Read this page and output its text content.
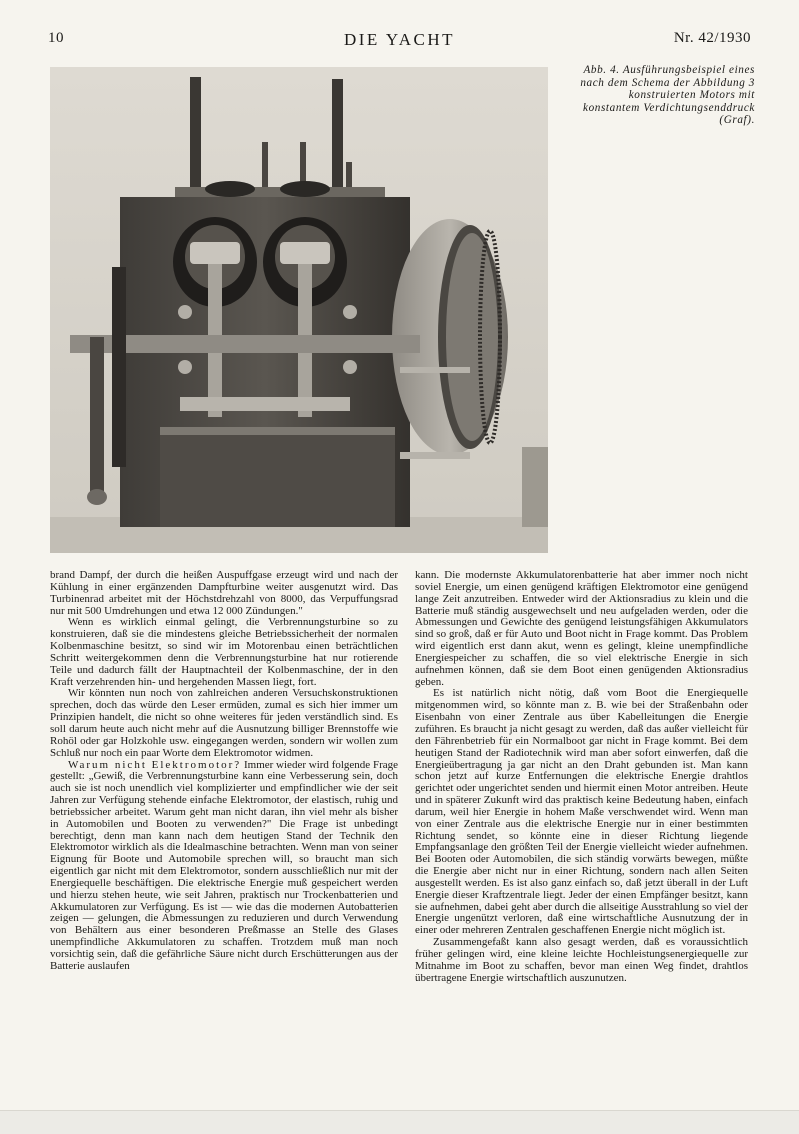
10	DIE YACHT	Nr. 42/1930
Abb. 4. Ausführungsbeispiel eines nach dem Schema der Abbildung 3 konstruierten Motors mit konstantem Verdichtungsenddruck (Graf).

brand Dampf, der durch die heißen Auspuffgase erzeugt wird und nach der Kühlung in einer ergänzenden Dampfturbine weiter ausgenutzt wird. Das Turbinenrad arbeitet mit der Höchstdrehzahl von 8000, das Verpuffungsrad nur mit 500 Umdrehungen und etwa 12 000 Zündungen."

Wenn es wirklich einmal gelingt, die Verbrennungsturbine so zu konstruieren, daß sie die mindestens gleiche Betriebssicherheit der normalen Kolbenmaschine besitzt, so sind wir im Motorenbau einen beträchtlichen Schritt weitergekommen denn die Verbrennungsturbine hat nur rotierende Teile und dadurch fällt der Hauptnachteil der Kolbenmaschine, der in den Kraft verzehrenden hin- und hergehenden Massen liegt, fort.

Wir könnten nun noch von zahlreichen anderen Versuchskonstruktionen sprechen, doch das würde den Leser ermüden, zumal es sich hier immer um Prinzipien handelt, die nicht so ohne weiteres für jeden verständlich sind. Es soll darum heute auch nicht mehr auf die Ausnutzung billiger Brennstoffe wie Rohöl oder gar Holzkohle usw. eingegangen werden, sondern wir wollen zum Schluß nur noch ein paar Worte dem Elektromotor widmen.

Warum nicht Elektromotor? Immer wieder wird folgende Frage gestellt: „Gewiß, die Verbrennungsturbine kann eine Verbesserung sein, doch auch sie ist noch unendlich viel komplizierter und empfindlicher wie der seit Jahren zur Verfügung stehende einfache Elektromotor, der elastisch, ruhig und betriebssicher arbeitet. Warum geht man nicht daran, ihn viel mehr als bisher in Automobilen und Booten zu verwenden?" Die Frage ist unbedingt berechtigt, denn man kann nach dem heutigen Stand der Technik den Elektromotor wirklich als die Idealmaschine betrachten. Wenn man von seiner Eignung für Boote und Automobile sprechen will, so braucht man sich eigentlich gar nicht mit dem Elektromotor, sondern ausschließlich nur mit der Energiequelle beschäftigen. Die elektrische Energie muß gespeichert werden und hierzu stehen heute, wie seit Jahren, praktisch nur Trockenbatterien und Akkumulatoren zur Verfügung. Es ist — wie das die modernen Autobatterien zeigen — gelungen, die Abmessungen zu reduzieren und durch Verwendung von Behältern aus einer besonderen Preßmasse an Stelle des Glases unempfindliche Akkumulatoren zu schaffen. Trotzdem muß man noch vorsichtig sein, daß die gefährliche Säure nicht durch Erschütterungen aus der Batterie auslaufen

kann. Die modernste Akkumulatorenbatterie hat aber immer noch nicht soviel Energie, um einen genügend kräftigen Elektromotor eine genügend lange Zeit anzutreiben. Entweder wird der Aktionsradius zu klein und die Batterie muß ständig ausgewechselt und neu aufgeladen werden, oder die Abmessungen und Gewichte des genügend leistungsfähigen Akkumulators sind so groß, daß er für Auto und Boot nicht in Frage kommt. Das Problem wird eigentlich erst dann akut, wenn es gelingt, kleine unempfindliche Energiespeicher zu schaffen, die so viel elektrische Energie in sich aufnehmen können, daß sie dem Boot einen genügenden Aktionsradius geben.

Es ist natürlich nicht nötig, daß vom Boot die Energiequelle mitgenommen wird, so könnte man z. B. wie bei der Straßenbahn oder Eisenbahn von einer Zentrale aus über Kabelleitungen die Energie zuführen. Es braucht ja nicht gesagt zu werden, daß das außer vielleicht für den Fährenbetrieb für ein Normalboot gar nicht in Frage kommt. Bei dem heutigen Stand der Radiotechnik wird man aber sofort einwerfen, daß die Energieübertragung ja gar nicht an den Draht gebunden ist. Man kann schon jetzt auf kurze Entfernungen die elektrische Energie drahtlos gerichtet oder ungerichtet senden und hiermit einen Motor antreiben. Heute und in späterer Zukunft wird das praktisch keine Bedeutung haben, einfach darum, weil hier Energie in hohem Maße verschwendet wird. Wenn man von einer Zentrale aus die elektrische Energie nur in einer bestimmten Richtung sendet, so könnte eine in dieser Richtung liegende Empfangsanlage den größten Teil der Energie vielleicht wieder aufnehmen. Bei Booten oder Automobilen, die sich ständig vorwärts bewegen, müßte die Energie aber nicht nur in einer Richtung, sondern nach allen Seiten ausgestellt werden. Es ist also ganz einfach so, daß jetzt überall in der Luft Energie dieser Kraftzentrale liegt. Jeder der einen Empfänger besitzt, kann sie aufnehmen, dabei geht aber durch die allseitige Ausstrahlung so viel der Energie ungenützt verloren, daß eine wirtschaftliche Ausnutzung der in einer oder mehreren Zentralen geschaffenen Energie nicht möglich ist.

Zusammengefaßt kann also gesagt werden, daß es voraussichtlich früher gelingen wird, eine kleine leichte Hochleistungsenergiequelle zur Mitnahme im Boot zu schaffen, bevor man einen Weg findet, drahtlos übertragene Energie wirtschaftlich auszunutzen.
